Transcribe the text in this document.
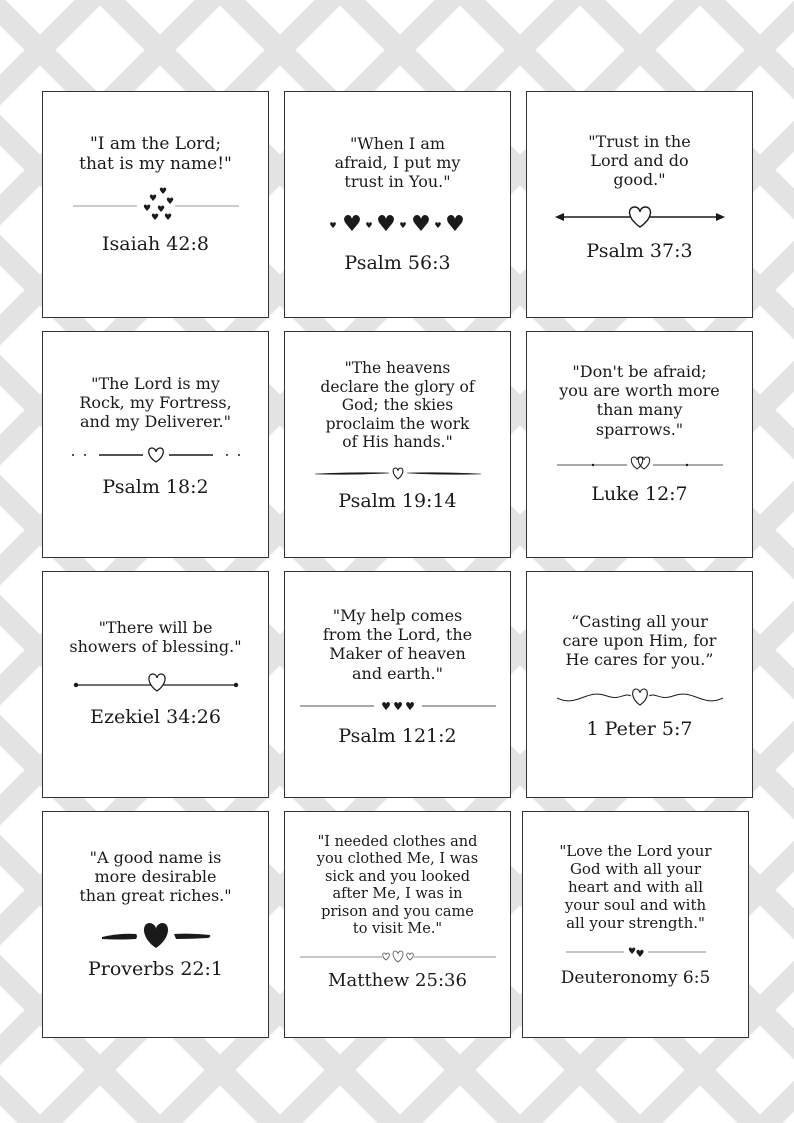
"I am the Lord;
that is my name!"
♥
♥ ♥
♥ ♥
♥ ♥
Isaiah 42:8
"When I am
afraid, I put my
trust in You."
♥ ♥ ♥ ♥ ♥ ♥ ♥ ♥
Psalm 56:3
"Trust in the
Lord and do
good."
Psalm 37:3
"The Lord is my
Rock, my Fortress,
and my Deliverer."
Psalm 18:2
"The heavens
declare the glory of
God; the skies
proclaim the work
of His hands."
Psalm 19:14
"Don't be afraid;
you are worth more
than many
sparrows."
Luke 12:7
"There will be
showers of blessing."
Ezekiel 34:26
"My help comes
from the Lord, the
Maker of heaven
and earth."
♥ ♥ ♥
Psalm 121:2
“Casting all your
care upon Him, for
He cares for you.”
1 Peter 5:7
"A good name is
more desirable
than great riches."
Proverbs 22:1
"I needed clothes and
you clothed Me, I was
sick and you looked
after Me, I was in
prison and you came
to visit Me."
Matthew 25:36
"Love the Lord your
God with all your
heart and with all
your soul and with
all your strength."
♥ ♥
Deuteronomy 6:5
